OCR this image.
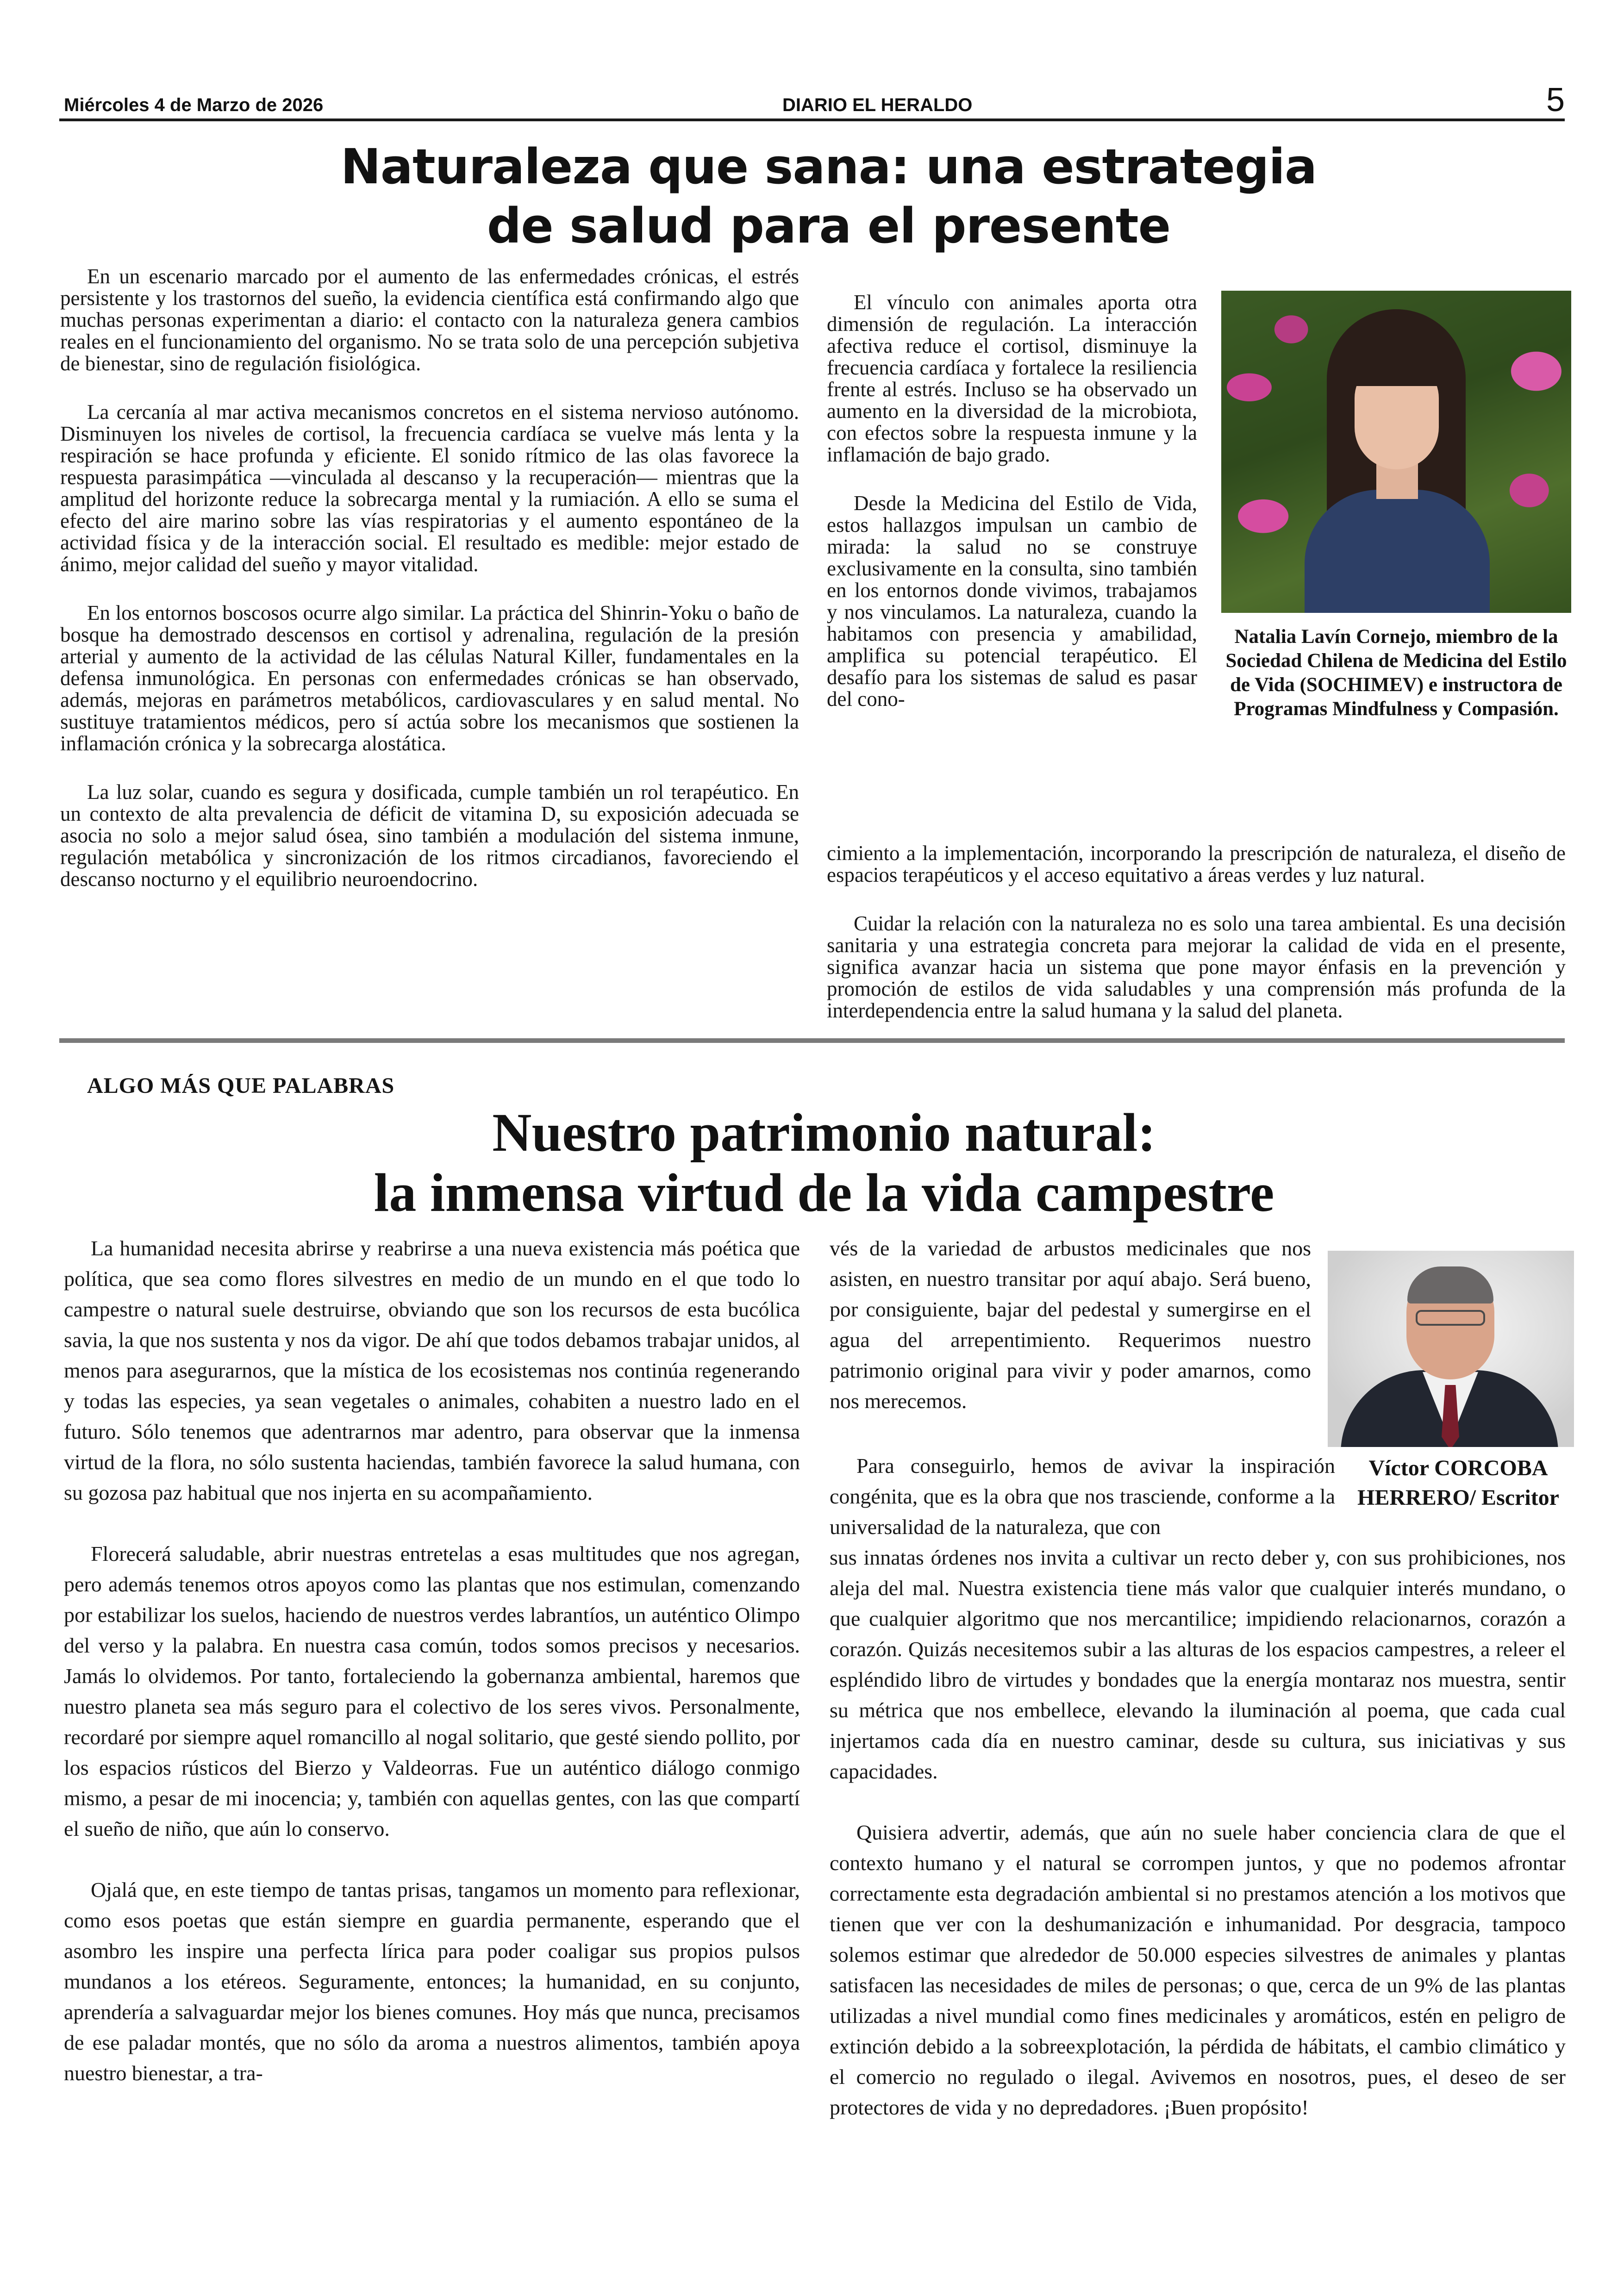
Miércoles 4 de Marzo de 2026	DIARIO EL HERALDO	5
Naturaleza que sana: una estrategia
de salud para el presente

En un escenario marcado por el aumento de las enfermedades crónicas, el estrés persistente y los trastornos del sueño, la evidencia científica está confirmando algo que muchas personas experimentan a diario: el contacto con la naturaleza genera cambios reales en el funcionamiento del organismo. No se trata solo de una percepción subjetiva de bienestar, sino de regulación fisiológica.

La cercanía al mar activa mecanismos concretos en el sistema nervioso autónomo. Disminuyen los niveles de cortisol, la frecuencia cardíaca se vuelve más lenta y la respiración se hace profunda y eficiente. El sonido rítmico de las olas favorece la respuesta parasimpática —vinculada al descanso y la recuperación— mientras que la amplitud del horizonte reduce la sobrecarga mental y la rumiación. A ello se suma el efecto del aire marino sobre las vías respiratorias y el aumento espontáneo de la actividad física y de la interacción social. El resultado es medible: mejor estado de ánimo, mejor calidad del sueño y mayor vitalidad.

En los entornos boscosos ocurre algo similar. La práctica del Shinrin-Yoku o baño de bosque ha demostrado descensos en cortisol y adrenalina, regulación de la presión arterial y aumento de la actividad de las células Natural Killer, fundamentales en la defensa inmunológica. En personas con enfermedades crónicas se han observado, además, mejoras en parámetros metabólicos, cardiovasculares y en salud mental. No sustituye tratamientos médicos, pero sí actúa sobre los mecanismos que sostienen la inflamación crónica y la sobrecarga alostática.

La luz solar, cuando es segura y dosificada, cumple también un rol terapéutico. En un contexto de alta prevalencia de déficit de vitamina D, su exposición adecuada se asocia no solo a mejor salud ósea, sino también a modulación del sistema inmune, regulación metabólica y sincronización de los ritmos circadianos, favoreciendo el descanso nocturno y el equilibrio neuroendocrino.

El vínculo con animales aporta otra dimensión de regulación. La interacción afectiva reduce el cortisol, disminuye la frecuencia cardíaca y fortalece la resiliencia frente al estrés. Incluso se ha observado un aumento en la diversidad de la microbiota, con efectos sobre la respuesta inmune y la inflamación de bajo grado.

Desde la Medicina del Estilo de Vida, estos hallazgos impulsan un cambio de mirada: la salud no se construye exclusivamente en la consulta, sino también en los entornos donde vivimos, trabajamos y nos vinculamos. La naturaleza, cuando la habitamos con presencia y amabilidad, amplifica su potencial terapéutico. El desafío para los sistemas de salud es pasar del cono-

Natalia Lavín Cornejo, miembro de la Sociedad Chilena de Medicina del Estilo de Vida (SOCHIMEV) e instructora de Programas Mindfulness y Compasión.

cimiento a la implementación, incorporando la prescripción de naturaleza, el diseño de espacios terapéuticos y el acceso equitativo a áreas verdes y luz natural.

Cuidar la relación con la naturaleza no es solo una tarea ambiental. Es una decisión sanitaria y una estrategia concreta para mejorar la calidad de vida en el presente, significa avanzar hacia un sistema que pone mayor énfasis en la prevención y promoción de estilos de vida saludables y una comprensión más profunda de la interdependencia entre la salud humana y la salud del planeta.

ALGO MÁS QUE PALABRAS
Nuestro patrimonio natural:
la inmensa virtud de la vida campestre

La humanidad necesita abrirse y reabrirse a una nueva existencia más poética que política, que sea como flores silvestres en medio de un mundo en el que todo lo campestre o natural suele destruirse, obviando que son los recursos de esta bucólica savia, la que nos sustenta y nos da vigor. De ahí que todos debamos trabajar unidos, al menos para asegurarnos, que la mística de los ecosistemas nos continúa regenerando y todas las especies, ya sean vegetales o animales, cohabiten a nuestro lado en el futuro. Sólo tenemos que adentrarnos mar adentro, para observar que la inmensa virtud de la flora, no sólo sustenta haciendas, también favorece la salud humana, con su gozosa paz habitual que nos injerta en su acompañamiento.

Florecerá saludable, abrir nuestras entretelas a esas multitudes que nos agregan, pero además tenemos otros apoyos como las plantas que nos estimulan, comenzando por estabilizar los suelos, haciendo de nuestros verdes labrantíos, un auténtico Olimpo del verso y la palabra. En nuestra casa común, todos somos precisos y necesarios. Jamás lo olvidemos. Por tanto, fortaleciendo la gobernanza ambiental, haremos que nuestro planeta sea más seguro para el colectivo de los seres vivos. Personalmente, recordaré por siempre aquel romancillo al nogal solitario, que gesté siendo pollito, por los espacios rústicos del Bierzo y Valdeorras. Fue un auténtico diálogo conmigo mismo, a pesar de mi inocencia; y, también con aquellas gentes, con las que compartí el sueño de niño, que aún lo conservo.

Ojalá que, en este tiempo de tantas prisas, tangamos un momento para reflexionar, como esos poetas que están siempre en guardia permanente, esperando que el asombro les inspire una perfecta lírica para poder coaligar sus propios pulsos mundanos a los etéreos. Seguramente, entonces; la humanidad, en su conjunto, aprendería a salvaguardar mejor los bienes comunes. Hoy más que nunca, precisamos de ese paladar montés, que no sólo da aroma a nuestros alimentos, también apoya nuestro bienestar, a tra-

vés de la variedad de arbustos medicinales que nos asisten, en nuestro transitar por aquí abajo. Será bueno, por consiguiente, bajar del pedestal y sumergirse en el agua del arrepentimiento. Requerimos nuestro patrimonio original para vivir y poder amarnos, como nos merecemos.

Para conseguirlo, hemos de avivar la inspiración congénita, que es la obra que nos trasciende, conforme a la universalidad de la naturaleza, que con

Víctor CORCOBA
HERRERO/ Escritor

sus innatas órdenes nos invita a cultivar un recto deber y, con sus prohibiciones, nos aleja del mal. Nuestra existencia tiene más valor que cualquier interés mundano, o que cualquier algoritmo que nos mercantilice; impidiendo relacionarnos, corazón a corazón. Quizás necesitemos subir a las alturas de los espacios campestres, a releer el espléndido libro de virtudes y bondades que la energía montaraz nos muestra, sentir su métrica que nos embellece, elevando la iluminación al poema, que cada cual injertamos cada día en nuestro caminar, desde su cultura, sus iniciativas y sus capacidades.

Quisiera advertir, además, que aún no suele haber conciencia clara de que el contexto humano y el natural se corrompen juntos, y que no podemos afrontar correctamente esta degradación ambiental si no prestamos atención a los motivos que tienen que ver con la deshumanización e inhumanidad. Por desgracia, tampoco solemos estimar que alrededor de 50.000 especies silvestres de animales y plantas satisfacen las necesidades de miles de personas; o que, cerca de un 9% de las plantas utilizadas a nivel mundial como fines medicinales y aromáticos, estén en peligro de extinción debido a la sobreexplotación, la pérdida de hábitats, el cambio climático y el comercio no regulado o ilegal. Avivemos en nosotros, pues, el deseo de ser protectores de vida y no depredadores. ¡Buen propósito!
